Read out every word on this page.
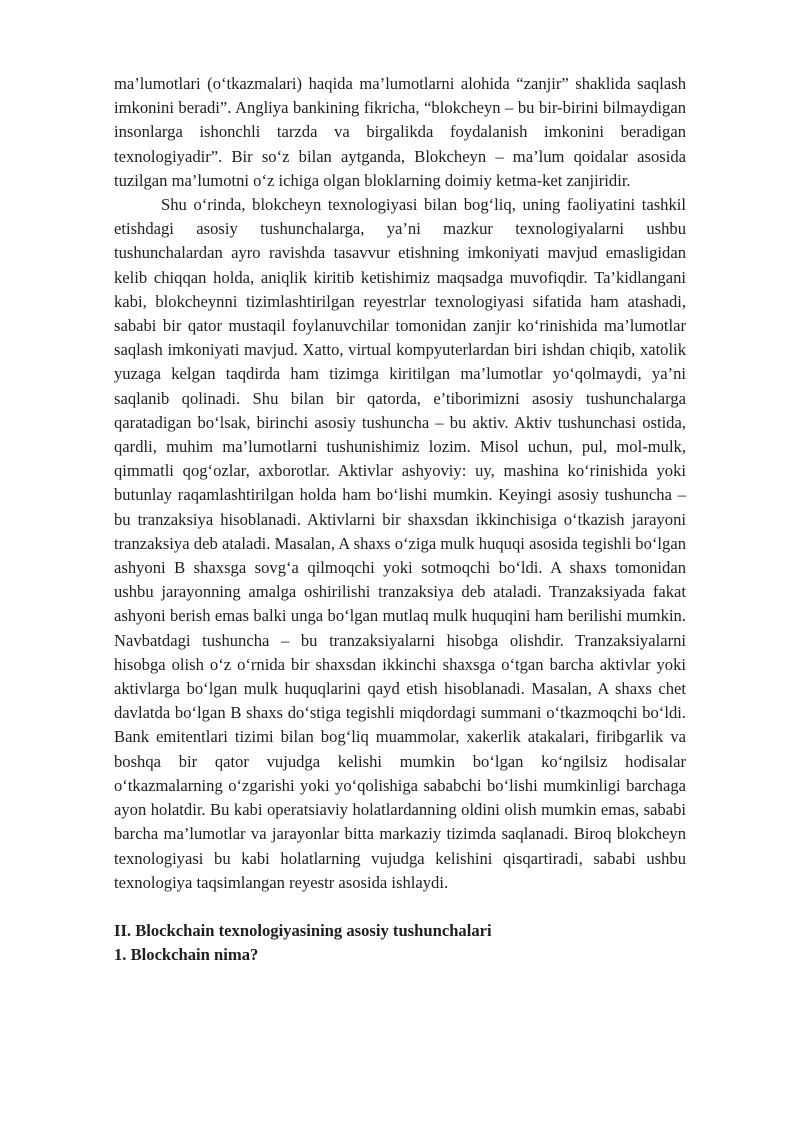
ma’lumotlari (o‘tkazmalari) haqida ma’lumotlarni alohida “zanjir” shaklida saqlash imkonini beradi”. Angliya bankining fikricha, “blokcheyn – bu bir-birini bilmaydigan insonlarga ishonchli tarzda va birgalikda foydalanish imkonini beradigan texnologiyadir”. Bir so‘z bilan aytganda, Blokcheyn – ma’lum qoidalar asosida tuzilgan ma’lumotni o‘z ichiga olgan bloklarning doimiy ketma-ket zanjiridir.

Shu o‘rinda, blokcheyn texnologiyasi bilan bog‘liq, uning faoliyatini tashkil etishdagi asosiy tushunchalarga, ya’ni mazkur texnologiyalarni ushbu tushunchalardan ayro ravishda tasavvur etishning imkoniyati mavjud emasligidan kelib chiqqan holda, aniqlik kiritib ketishimiz maqsadga muvofiqdir. Ta’kidlangani kabi, blokcheynni tizimlashtirilgan reyestrlar texnologiyasi sifatida ham atashadi, sababi bir qator mustaqil foylanuvchilar tomonidan zanjir ko‘rinishida ma’lumotlar saqlash imkoniyati mavjud. Xatto, virtual kompyuterlardan biri ishdan chiqib, xatolik yuzaga kelgan taqdirda ham tizimga kiritilgan ma’lumotlar yo‘qolmaydi, ya’ni saqlanib qolinadi. Shu bilan bir qatorda, e’tiborimizni asosiy tushunchalarga qaratadigan bo‘lsak, birinchi asosiy tushuncha – bu aktiv. Aktiv tushunchasi ostida, qardli, muhim ma’lumotlarni tushunishimiz lozim. Misol uchun, pul, mol-mulk, qimmatli qog‘ozlar, axborotlar. Aktivlar ashyoviy: uy, mashina ko‘rinishida yoki butunlay raqamlashtirilgan holda ham bo‘lishi mumkin. Keyingi asosiy tushuncha – bu tranzaksiya hisoblanadi. Aktivlarni bir shaxsdan ikkinchisiga o‘tkazish jarayoni tranzaksiya deb ataladi. Masalan, A shaxs o‘ziga mulk huquqi asosida tegishli bo‘lgan ashyoni B shaxsga sovg‘a qilmoqchi yoki sotmoqchi bo‘ldi. A shaxs tomonidan ushbu jarayonning amalga oshirilishi tranzaksiya deb ataladi. Tranzaksiyada fakat ashyoni berish emas balki unga bo‘lgan mutlaq mulk huquqini ham berilishi mumkin. Navbatdagi tushuncha – bu tranzaksiyalarni hisobga olishdir. Tranzaksiyalarni hisobga olish o‘z o‘rnida bir shaxsdan ikkinchi shaxsga o‘tgan barcha aktivlar yoki aktivlarga bo‘lgan mulk huquqlarini qayd etish hisoblanadi. Masalan, A shaxs chet davlatda bo‘lgan B shaxs do‘stiga tegishli miqdordagi summani o‘tkazmoqchi bo‘ldi. Bank emitentlari tizimi bilan bog‘liq muammolar, xakerlik atakalari, firibgarlik va boshqa bir qator vujudga kelishi mumkin bo‘lgan ko‘ngilsiz hodisalar o‘tkazmalarning o‘zgarishi yoki yo‘qolishiga sababchi bo‘lishi mumkinligi barchaga ayon holatdir. Bu kabi operatsiaviy holatlardanning oldini olish mumkin emas, sababi barcha ma’lumotlar va jarayonlar bitta markaziy tizimda saqlanadi. Biroq blokcheyn texnologiyasi bu kabi holatlarning vujudga kelishini qisqartiradi, sababi ushbu texnologiya taqsimlangan reyestr asosida ishlaydi.

II. Blockchain texnologiyasining asosiy tushunchalari

1. Blockchain nima?
